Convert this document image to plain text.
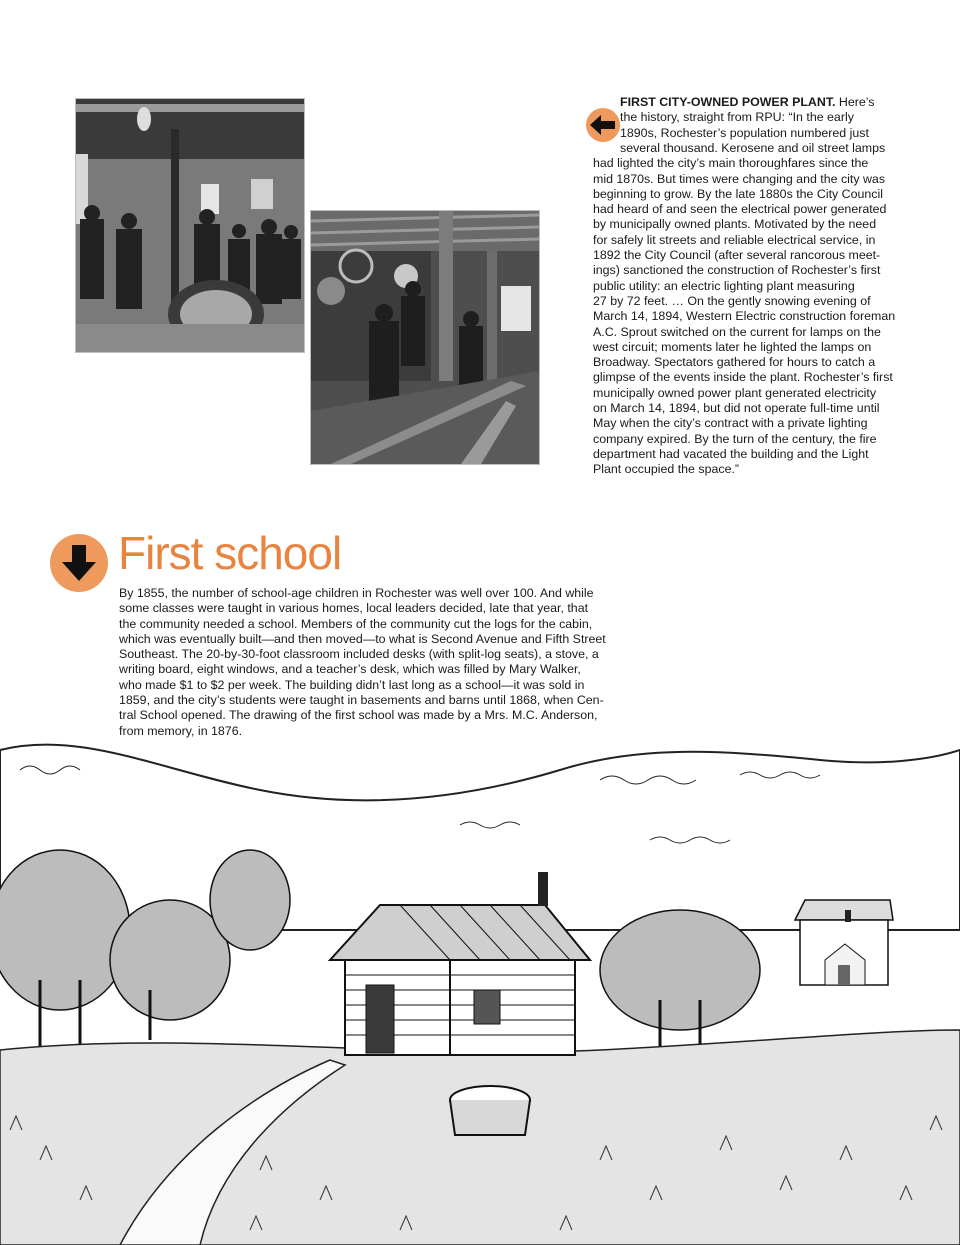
FIRST CITY-OWNED POWER PLANT. Here’s
the history, straight from RPU: “In the early
1890s, Rochester’s population numbered just
several thousand. Kerosene and oil street lamps
had lighted the city’s main thoroughfares since the
mid 1870s. But times were changing and the city was
beginning to grow. By the late 1880s the City Council
had heard of and seen the electrical power generated
by municipally owned plants. Motivated by the need
for safely lit streets and reliable electrical service, in
1892 the City Council (after several rancorous meet-
ings) sanctioned the construction of Rochester’s first
public utility: an electric lighting plant measuring
27 by 72 feet. … On the gently snowing evening of
March 14, 1894, Western Electric construction foreman
A.C. Sprout switched on the current for lamps on the
west circuit; moments later he lighted the lamps on
Broadway. Spectators gathered for hours to catch a
glimpse of the events inside the plant. Rochester’s first
municipally owned power plant generated electricity
on March 14, 1894, but did not operate full-time until
May when the city’s contract with a private lighting
company expired. By the turn of the century, the fire
department had vacated the building and the Light
Plant occupied the space.”
First school
By 1855, the number of school-age children in Rochester was well over 100. And while
some classes were taught in various homes, local leaders decided, late that year, that
the community needed a school. Members of the community cut the logs for the cabin,
which was eventually built—and then moved—to what is Second Avenue and Fifth Street
Southeast. The 20-by-30-foot classroom included desks (with split-log seats), a stove, a
writing board, eight windows, and a teacher’s desk, which was filled by Mary Walker,
who made $1 to $2 per week. The building didn’t last long as a school—it was sold in
1859, and the city’s students were taught in basements and barns until 1868, when Cen-
tral School opened. The drawing of the first school was made by a Mrs. M.C. Anderson,
from memory, in 1876.
